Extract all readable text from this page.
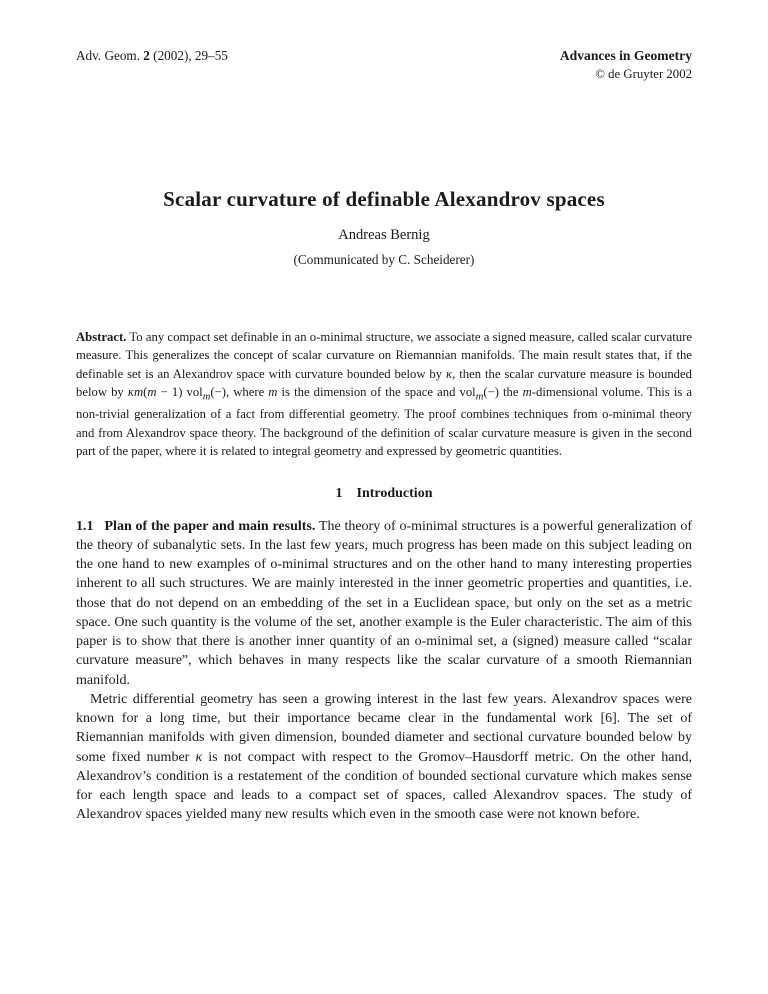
Adv. Geom. 2 (2002), 29–55	Advances in Geometry
© de Gruyter 2002
Scalar curvature of definable Alexandrov spaces
Andreas Bernig
(Communicated by C. Scheiderer)

Abstract. To any compact set definable in an o-minimal structure, we associate a signed measure, called scalar curvature measure. This generalizes the concept of scalar curvature on Riemannian manifolds. The main result states that, if the definable set is an Alexandrov space with curvature bounded below by κ, then the scalar curvature measure is bounded below by κm(m − 1) vol$_m$(−), where m is the dimension of the space and vol$_m$(−) the m-dimensional volume. This is a non-trivial generalization of a fact from differential geometry. The proof combines techniques from o-minimal theory and from Alexandrov space theory. The background of the definition of scalar curvature measure is given in the second part of the paper, where it is related to integral geometry and expressed by geometric quantities.

1 Introduction

1.1 Plan of the paper and main results. The theory of o-minimal structures is a powerful generalization of the theory of subanalytic sets. In the last few years, much progress has been made on this subject leading on the one hand to new examples of o-minimal structures and on the other hand to many interesting properties inherent to all such structures. We are mainly interested in the inner geometric properties and quantities, i.e. those that do not depend on an embedding of the set in a Euclidean space, but only on the set as a metric space. One such quantity is the volume of the set, another example is the Euler characteristic. The aim of this paper is to show that there is another inner quantity of an o-minimal set, a (signed) measure called “scalar curvature measure”, which behaves in many respects like the scalar curvature of a smooth Riemannian manifold.

Metric differential geometry has seen a growing interest in the last few years. Alexandrov spaces were known for a long time, but their importance became clear in the fundamental work [6]. The set of Riemannian manifolds with given dimension, bounded diameter and sectional curvature bounded below by some fixed number κ is not compact with respect to the Gromov–Hausdorff metric. On the other hand, Alexandrov’s condition is a restatement of the condition of bounded sectional curvature which makes sense for each length space and leads to a compact set of spaces, called Alexandrov spaces. The study of Alexandrov spaces yielded many new results which even in the smooth case were not known before.
